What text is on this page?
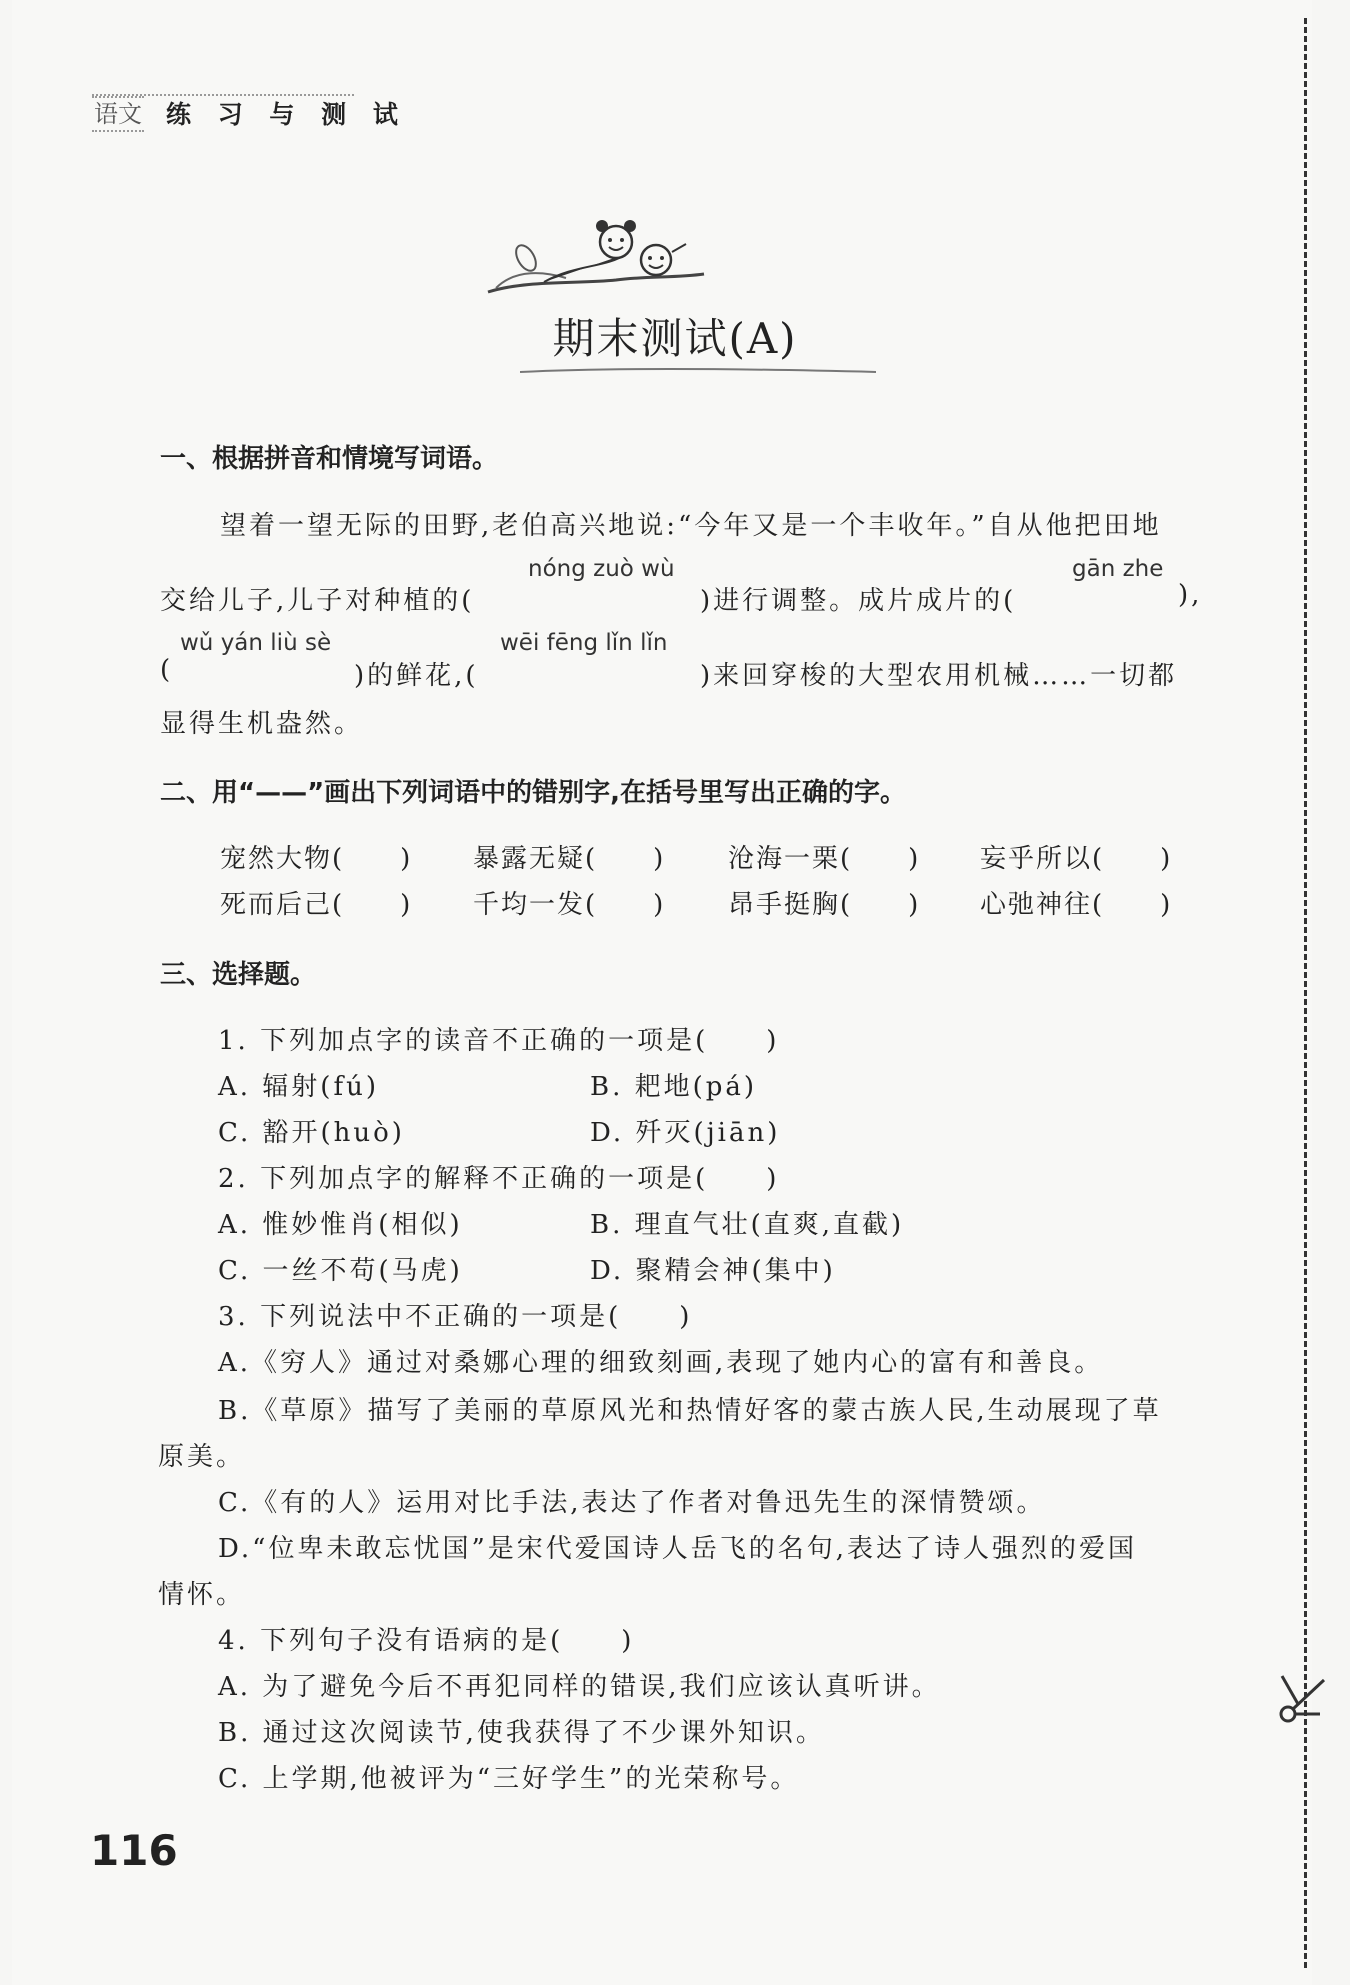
语文 练 习 与 测 试
期末测试(A)
一、根据拼音和情境写词语。
望着一望无际的田野,老伯高兴地说:“今年又是一个丰收年。”自从他把田地
nóng zuò wù	gān zhe
交给儿子,儿子对种植的(	)进行调整。成片成片的(	),
wǔ yán liù sè	wēi fēng lǐn lǐn
(	)的鲜花,(	)来回穿梭的大型农用机械……一切都
显得生机盎然。
二、用“——”画出下列词语中的错别字,在括号里写出正确的字。
宠然大物(　　) 暴露无疑(　　) 沧海一栗(　　) 妄乎所以(　　)
死而后己(　　) 千均一发(　　) 昂手挺胸(　　) 心弛神往(　　)
三、选择题。
1. 下列加点字的读音不正确的一项是(　　)
A. 辐射(fú)	B. 耙地(pá)
C. 豁开(huò)	D. 歼灭(jiān)
2. 下列加点字的解释不正确的一项是(　　)
A. 惟妙惟肖(相似)	B. 理直气壮(直爽,直截)
C. 一丝不苟(马虎)	D. 聚精会神(集中)
3. 下列说法中不正确的一项是(　　)
A.《穷人》通过对桑娜心理的细致刻画,表现了她内心的富有和善良。
B.《草原》描写了美丽的草原风光和热情好客的蒙古族人民,生动展现了草
原美。
C.《有的人》运用对比手法,表达了作者对鲁迅先生的深情赞颂。
D.“位卑未敢忘忧国”是宋代爱国诗人岳飞的名句,表达了诗人强烈的爱国
情怀。
4. 下列句子没有语病的是(　　)
A. 为了避免今后不再犯同样的错误,我们应该认真听讲。
B. 通过这次阅读节,使我获得了不少课外知识。
C. 上学期,他被评为“三好学生”的光荣称号。
116
